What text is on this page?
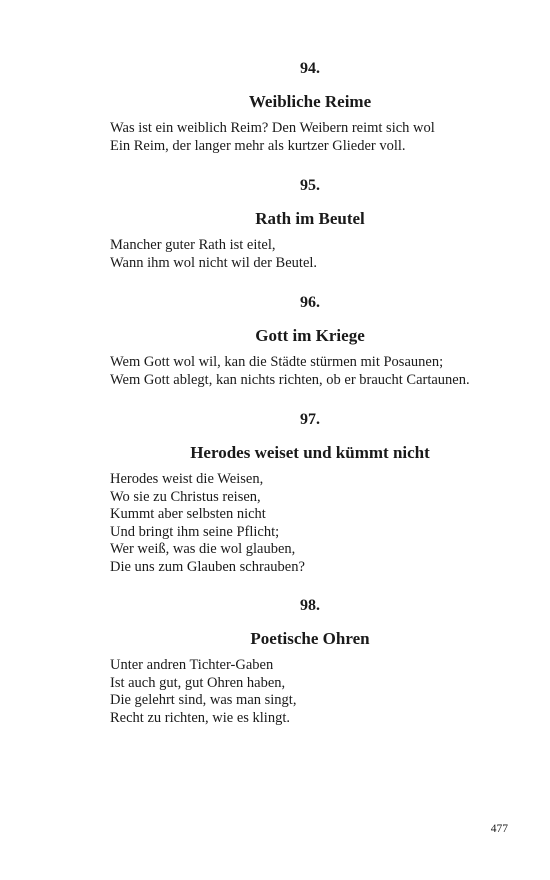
94.
Weibliche Reime
Was ist ein weiblich Reim? Den Weibern reimt sich wol
Ein Reim, der langer mehr als kurtzer Glieder voll.
95.
Rath im Beutel
Mancher guter Rath ist eitel,
Wann ihm wol nicht wil der Beutel.
96.
Gott im Kriege
Wem Gott wol wil, kan die Städte stürmen mit Posaunen;
Wem Gott ablegt, kan nichts richten, ob er braucht Cartaunen.
97.
Herodes weiset und kümmt nicht
Herodes weist die Weisen,
Wo sie zu Christus reisen,
Kummt aber selbsten nicht
Und bringt ihm seine Pflicht;
Wer weiß, was die wol glauben,
Die uns zum Glauben schrauben?
98.
Poetische Ohren
Unter andren Tichter-Gaben
Ist auch gut, gut Ohren haben,
Die gelehrt sind, was man singt,
Recht zu richten, wie es klingt.
477
